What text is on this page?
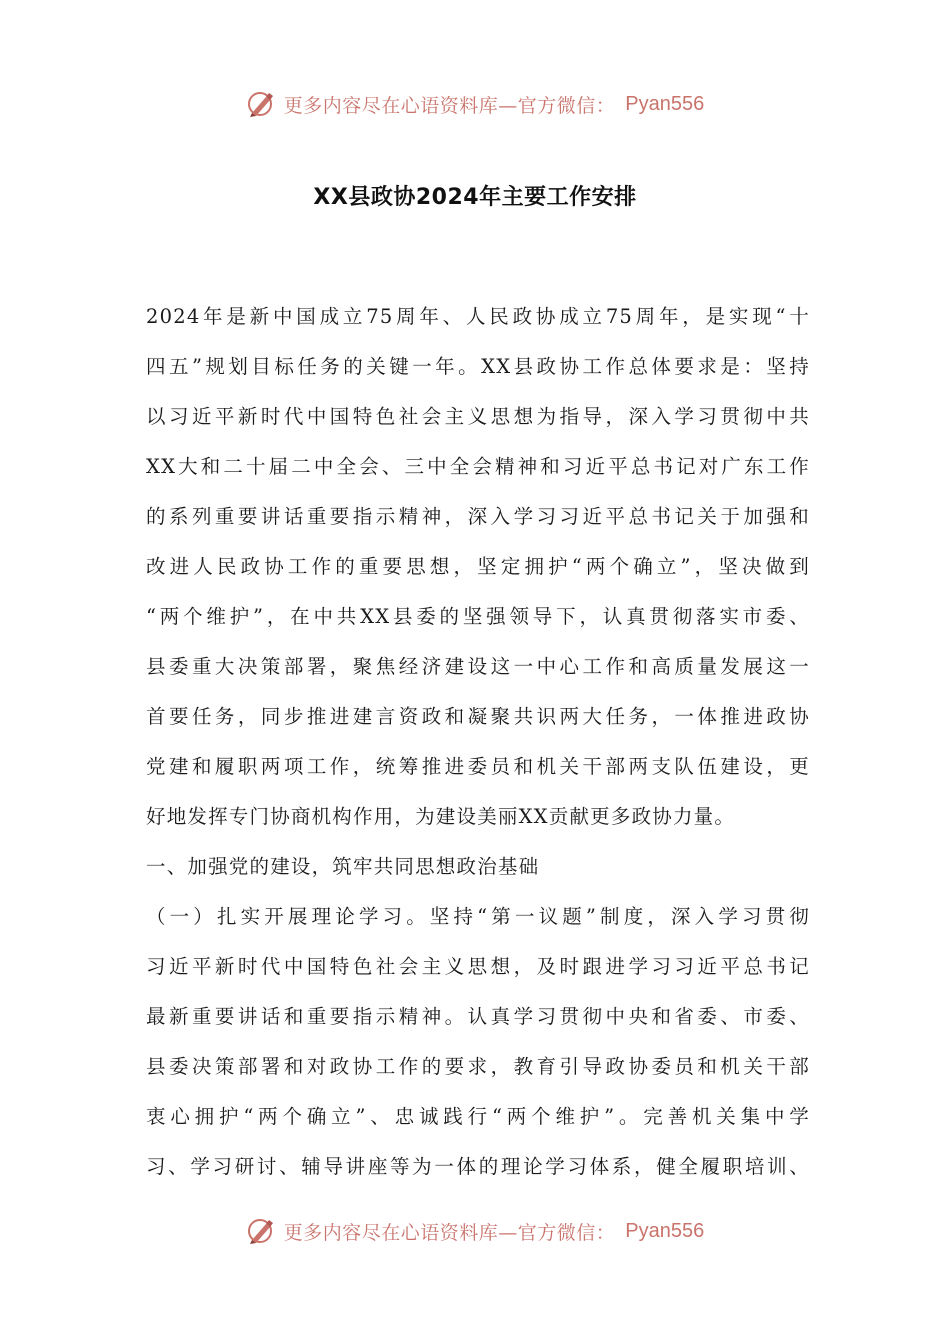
更多内容尽在心语资料库—官方微信： Pyan556
XX县政协2024年主要工作安排
2024年是新中国成立75周年、人民政协成立75周年，是实现“十
四五”规划目标任务的关键一年。XX县政协工作总体要求是：坚持
以习近平新时代中国特色社会主义思想为指导，深入学习贯彻中共
XX大和二十届二中全会、三中全会精神和习近平总书记对广东工作
的系列重要讲话重要指示精神，深入学习习近平总书记关于加强和
改进人民政协工作的重要思想，坚定拥护“两个确立”，坚决做到
“两个维护”，在中共XX县委的坚强领导下，认真贯彻落实市委、
县委重大决策部署，聚焦经济建设这一中心工作和高质量发展这一
首要任务，同步推进建言资政和凝聚共识两大任务，一体推进政协
党建和履职两项工作，统筹推进委员和机关干部两支队伍建设，更
好地发挥专门协商机构作用，为建设美丽XX贡献更多政协力量。
一、加强党的建设，筑牢共同思想政治基础
（一）扎实开展理论学习。坚持“第一议题”制度，深入学习贯彻
习近平新时代中国特色社会主义思想，及时跟进学习习近平总书记
最新重要讲话和重要指示精神。认真学习贯彻中央和省委、市委、
县委决策部署和对政协工作的要求，教育引导政协委员和机关干部
衷心拥护“两个确立”、忠诚践行“两个维护”。完善机关集中学
习、学习研讨、辅导讲座等为一体的理论学习体系，健全履职培训、
更多内容尽在心语资料库—官方微信： Pyan556
